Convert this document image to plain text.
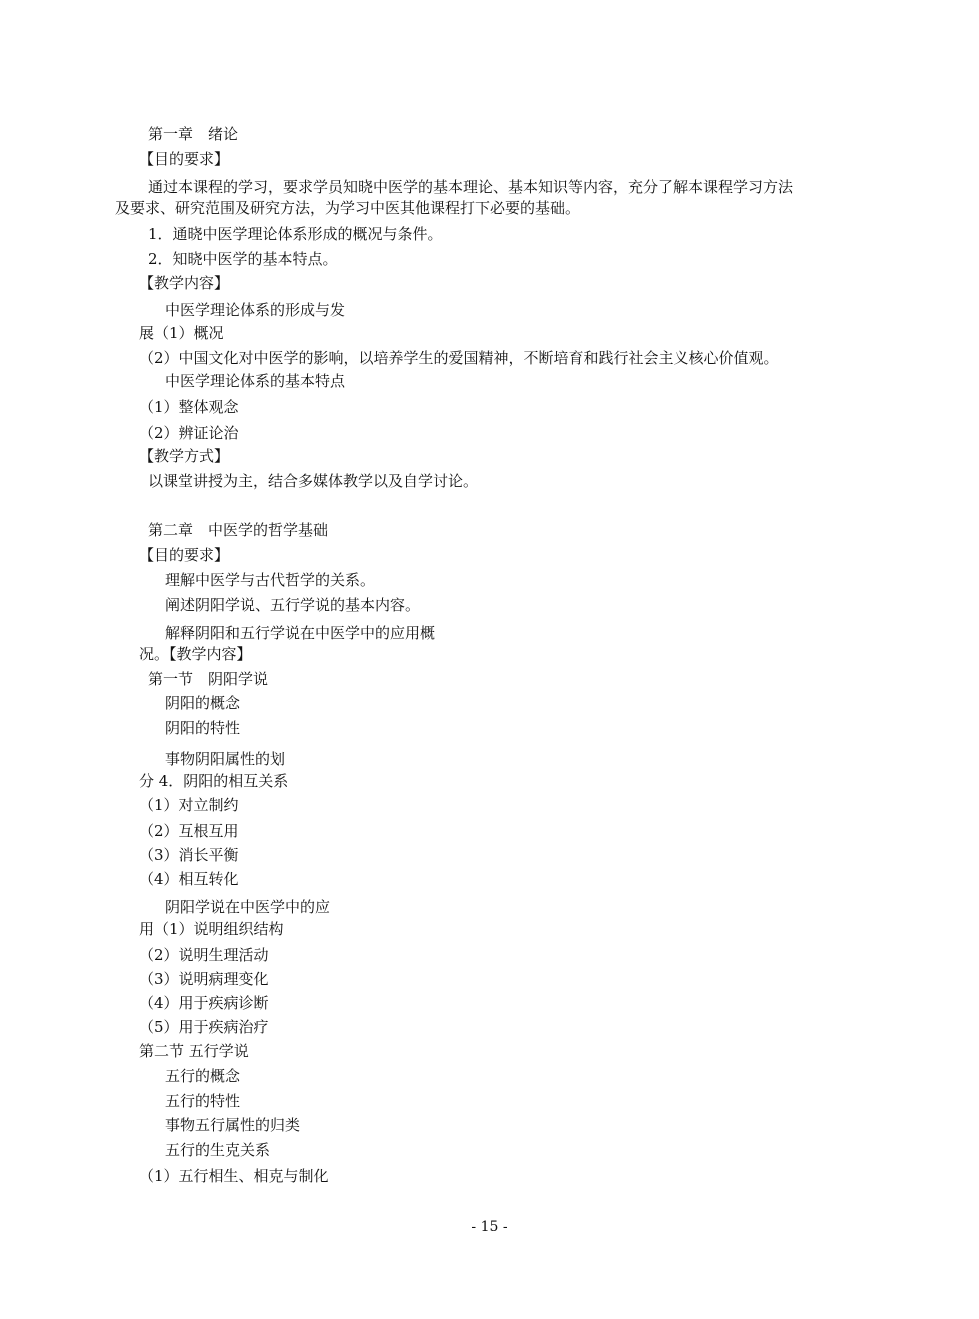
第一章　绪论
【目的要求】
通过本课程的学习，要求学员知晓中医学的基本理论、基本知识等内容，充分了解本课程学习方法
及要求、研究范围及研究方法，为学习中医其他课程打下必要的基础。
1．通晓中医学理论体系形成的概况与条件。
2．知晓中医学的基本特点。
【教学内容】
中医学理论体系的形成与发
展（1）概况
（2）中国文化对中医学的影响，以培养学生的爱国精神，不断培育和践行社会主义核心价值观。
中医学理论体系的基本特点
（1）整体观念
（2）辨证论治
【教学方式】
以课堂讲授为主，结合多媒体教学以及自学讨论。
第二章　中医学的哲学基础
【目的要求】
理解中医学与古代哲学的关系。
阐述阴阳学说、五行学说的基本内容。
解释阴阳和五行学说在中医学中的应用概
况。【教学内容】
第一节　阴阳学说
阴阳的概念
阴阳的特性
事物阴阳属性的划
分 4．阴阳的相互关系
（1）对立制约
（2）互根互用
（3）消长平衡
（4）相互转化
阴阳学说在中医学中的应
用（1）说明组织结构
（2）说明生理活动
（3）说明病理变化
（4）用于疾病诊断
（5）用于疾病治疗
第二节 五行学说
五行的概念
五行的特性
事物五行属性的归类
五行的生克关系
（1）五行相生、相克与制化
- 15 -
